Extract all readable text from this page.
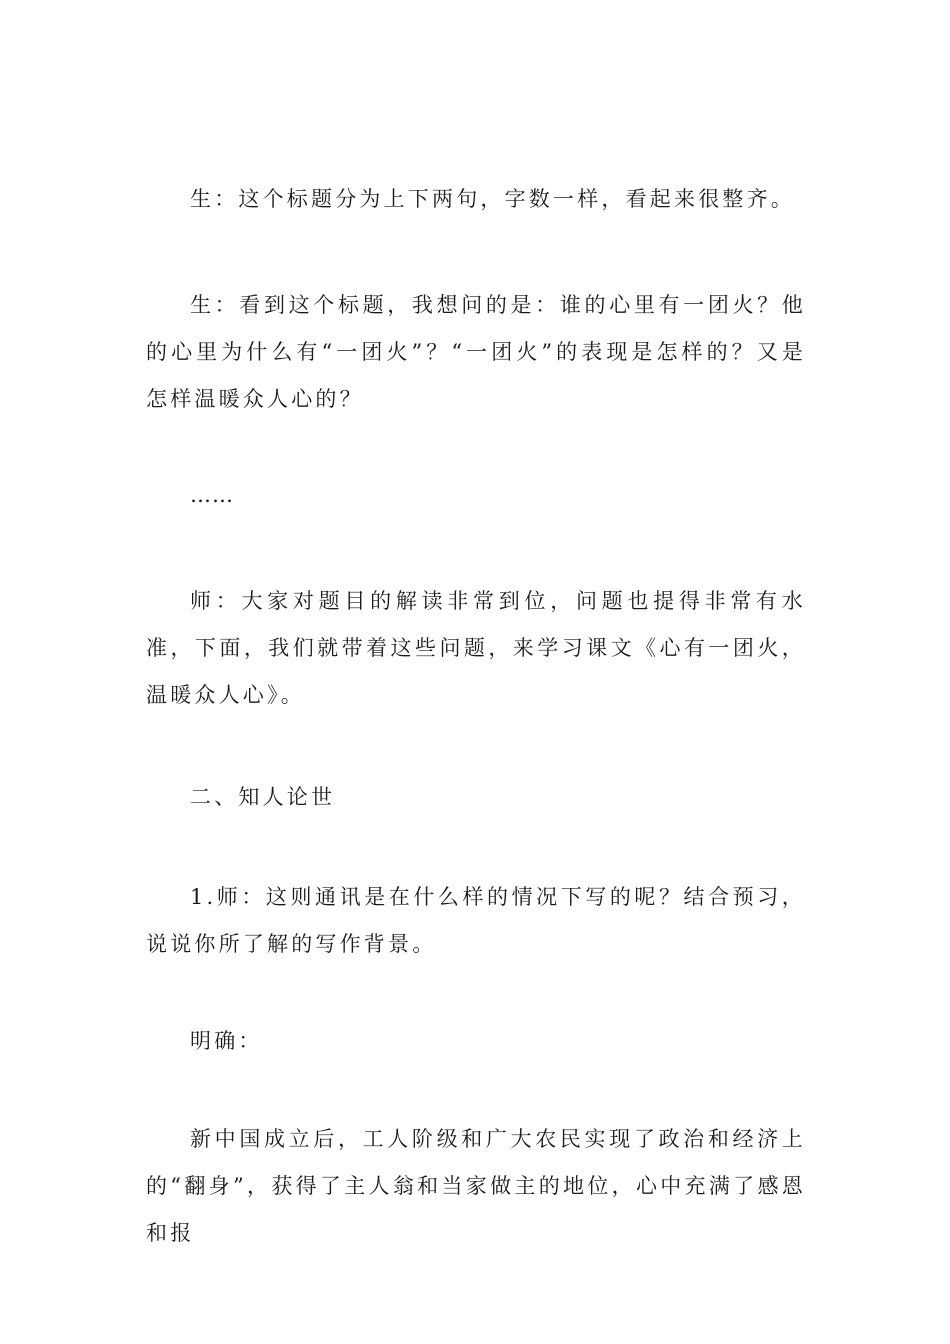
生：这个标题分为上下两句，字数一样，看起来很整齐。

生：看到这个标题，我想问的是：谁的心里有一团火？他的心里为什么有“一团火”？“一团火”的表现是怎样的？又是怎样温暖众人心的？

……

师：大家对题目的解读非常到位，问题也提得非常有水准，下面，我们就带着这些问题，来学习课文《心有一团火，温暖众人心》。

二、知人论世

1.师：这则通讯是在什么样的情况下写的呢？结合预习，说说你所了解的写作背景。

明确：

新中国成立后，工人阶级和广大农民实现了政治和经济上的“翻身”，获得了主人翁和当家做主的地位，心中充满了感恩和报
